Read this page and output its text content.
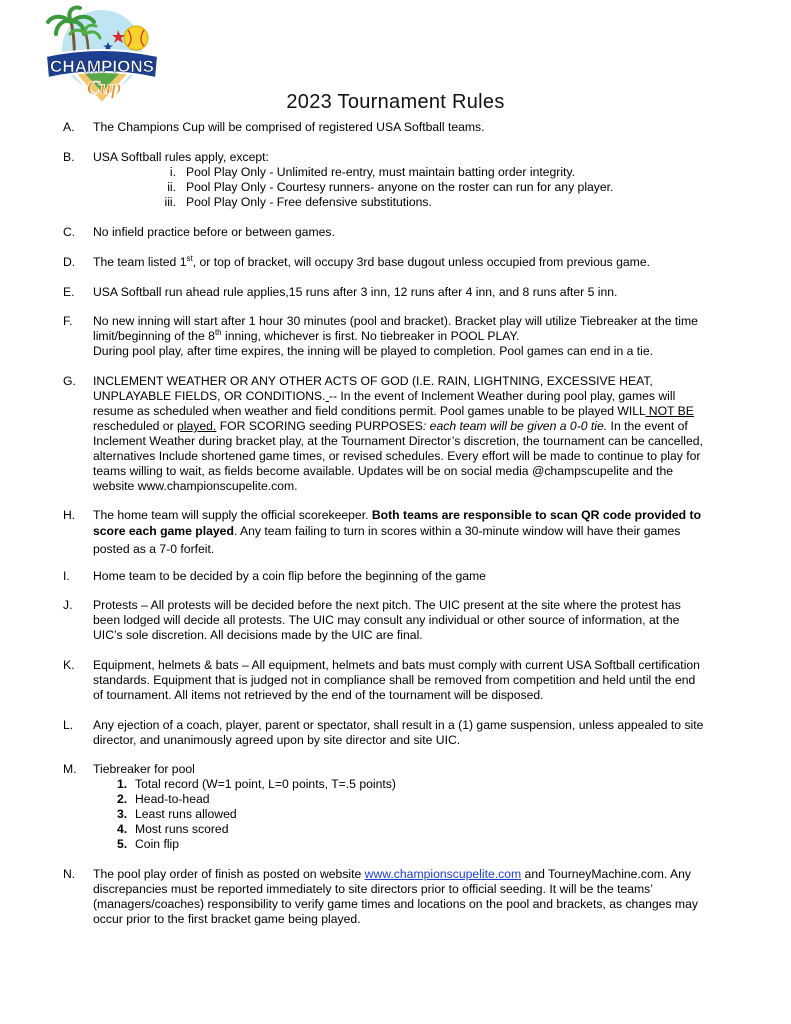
CHAMPIONS
Cup
2023 Tournament Rules
A. The Champions Cup will be comprised of registered USA Softball teams.
B. USA Softball rules apply, except:
i. Pool Play Only - Unlimited re-entry, must maintain batting order integrity.
ii. Pool Play Only - Courtesy runners- anyone on the roster can run for any player.
iii. Pool Play Only - Free defensive substitutions.
C. No infield practice before or between games.
D. The team listed 1st, or top of bracket, will occupy 3rd base dugout unless occupied from previous game.
E. USA Softball run ahead rule applies,15 runs after 3 inn, 12 runs after 4 inn, and 8 runs after 5 inn.
F. No new inning will start after 1 hour 30 minutes (pool and bracket). Bracket play will utilize Tiebreaker at the time
limit/beginning of the 8th inning, whichever is first. No tiebreaker in POOL PLAY.
During pool play, after time expires, the inning will be played to completion. Pool games can end in a tie.
G. INCLEMENT WEATHER OR ANY OTHER ACTS OF GOD (I.E. RAIN, LIGHTNING, EXCESSIVE HEAT,
UNPLAYABLE FIELDS, OR CONDITIONS. -- In the event of Inclement Weather during pool play, games will
resume as scheduled when weather and field conditions permit. Pool games unable to be played WILL NOT BE
rescheduled or played. FOR SCORING seeding PURPOSES: each team will be given a 0-0 tie. In the event of
Inclement Weather during bracket play, at the Tournament Director’s discretion, the tournament can be cancelled,
alternatives Include shortened game times, or revised schedules. Every effort will be made to continue to play for
teams willing to wait, as fields become available. Updates will be on social media @champscupelite and the
website www.championscupelite.com.
H. The home team will supply the official scorekeeper. Both teams are responsible to scan QR code provided to
score each game played. Any team failing to turn in scores within a 30-minute window will have their games
posted as a 7-0 forfeit.
I. Home team to be decided by a coin flip before the beginning of the game
J. Protests – All protests will be decided before the next pitch. The UIC present at the site where the protest has
been lodged will decide all protests. The UIC may consult any individual or other source of information, at the
UIC’s sole discretion. All decisions made by the UIC are final.
K. Equipment, helmets & bats – All equipment, helmets and bats must comply with current USA Softball certification
standards. Equipment that is judged not in compliance shall be removed from competition and held until the end
of tournament. All items not retrieved by the end of the tournament will be disposed.
L. Any ejection of a coach, player, parent or spectator, shall result in a (1) game suspension, unless appealed to site
director, and unanimously agreed upon by site director and site UIC.
M. Tiebreaker for pool
1. Total record (W=1 point, L=0 points, T=.5 points)
2. Head-to-head
3. Least runs allowed
4. Most runs scored
5. Coin flip
N. The pool play order of finish as posted on website www.championscupelite.com and TourneyMachine.com. Any
discrepancies must be reported immediately to site directors prior to official seeding. It will be the teams’
(managers/coaches) responsibility to verify game times and locations on the pool and brackets, as changes may
occur prior to the first bracket game being played.
